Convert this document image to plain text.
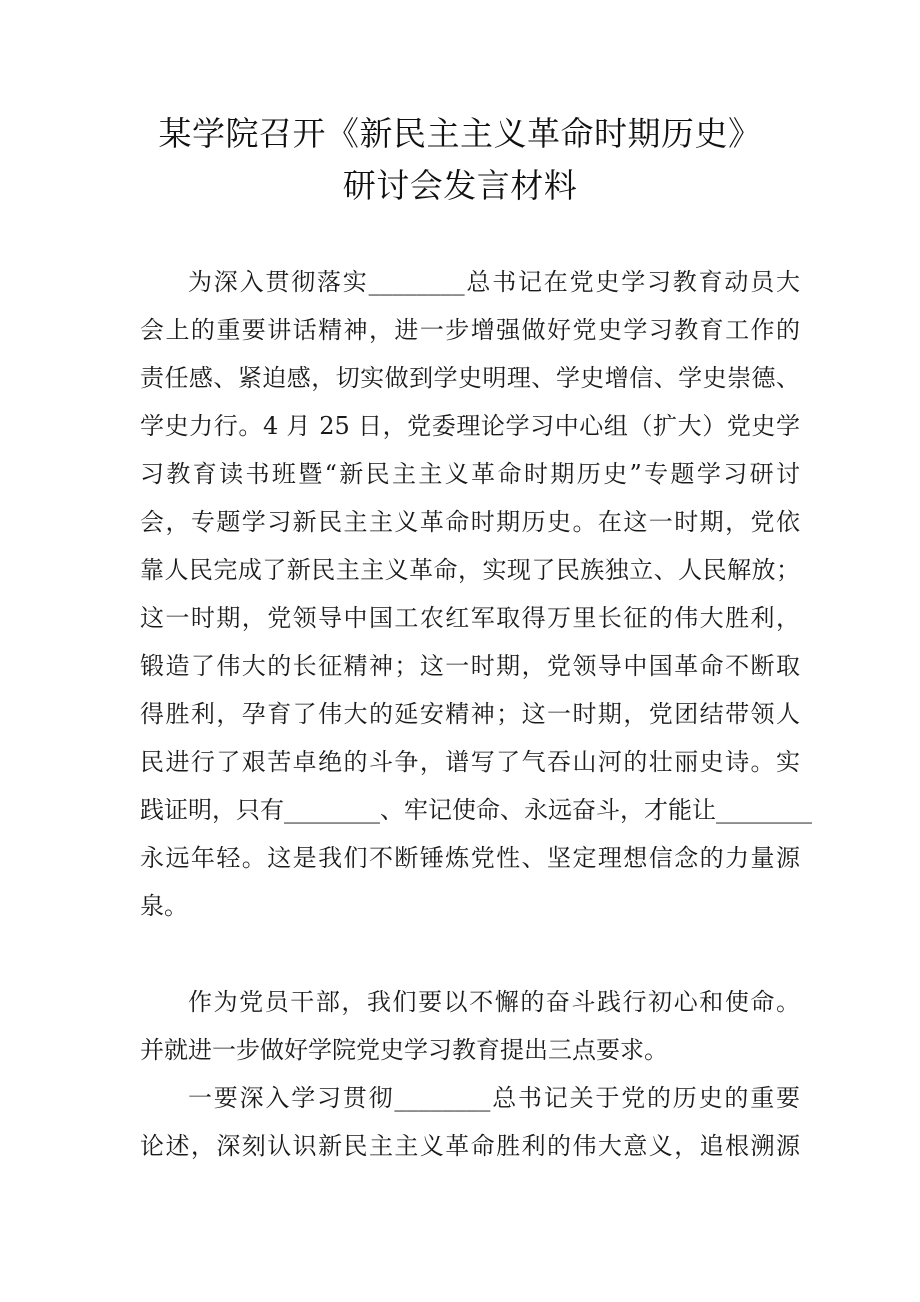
某学院召开《新民主主义革命时期历史》
研讨会发言材料
为深入贯彻落实________总书记在党史学习教育动员大
会上的重要讲话精神，进一步增强做好党史学习教育工作的
责任感、紧迫感，切实做到学史明理、学史增信、学史崇德、
学史力行。4 月 25 日，党委理论学习中心组（扩大）党史学
习教育读书班暨“新民主主义革命时期历史”专题学习研讨
会，专题学习新民主主义革命时期历史。在这一时期，党依
靠人民完成了新民主主义革命，实现了民族独立、人民解放；
这一时期，党领导中国工农红军取得万里长征的伟大胜利，
锻造了伟大的长征精神；这一时期，党领导中国革命不断取
得胜利，孕育了伟大的延安精神；这一时期，党团结带领人
民进行了艰苦卓绝的斗争，谱写了气吞山河的壮丽史诗。实
践证明，只有________、牢记使命、永远奋斗，才能让________
永远年轻。这是我们不断锤炼党性、坚定理想信念的力量源
泉。
作为党员干部，我们要以不懈的奋斗践行初心和使命。
并就进一步做好学院党史学习教育提出三点要求。
一要深入学习贯彻________总书记关于党的历史的重要
论述，深刻认识新民主主义革命胜利的伟大意义，追根溯源
